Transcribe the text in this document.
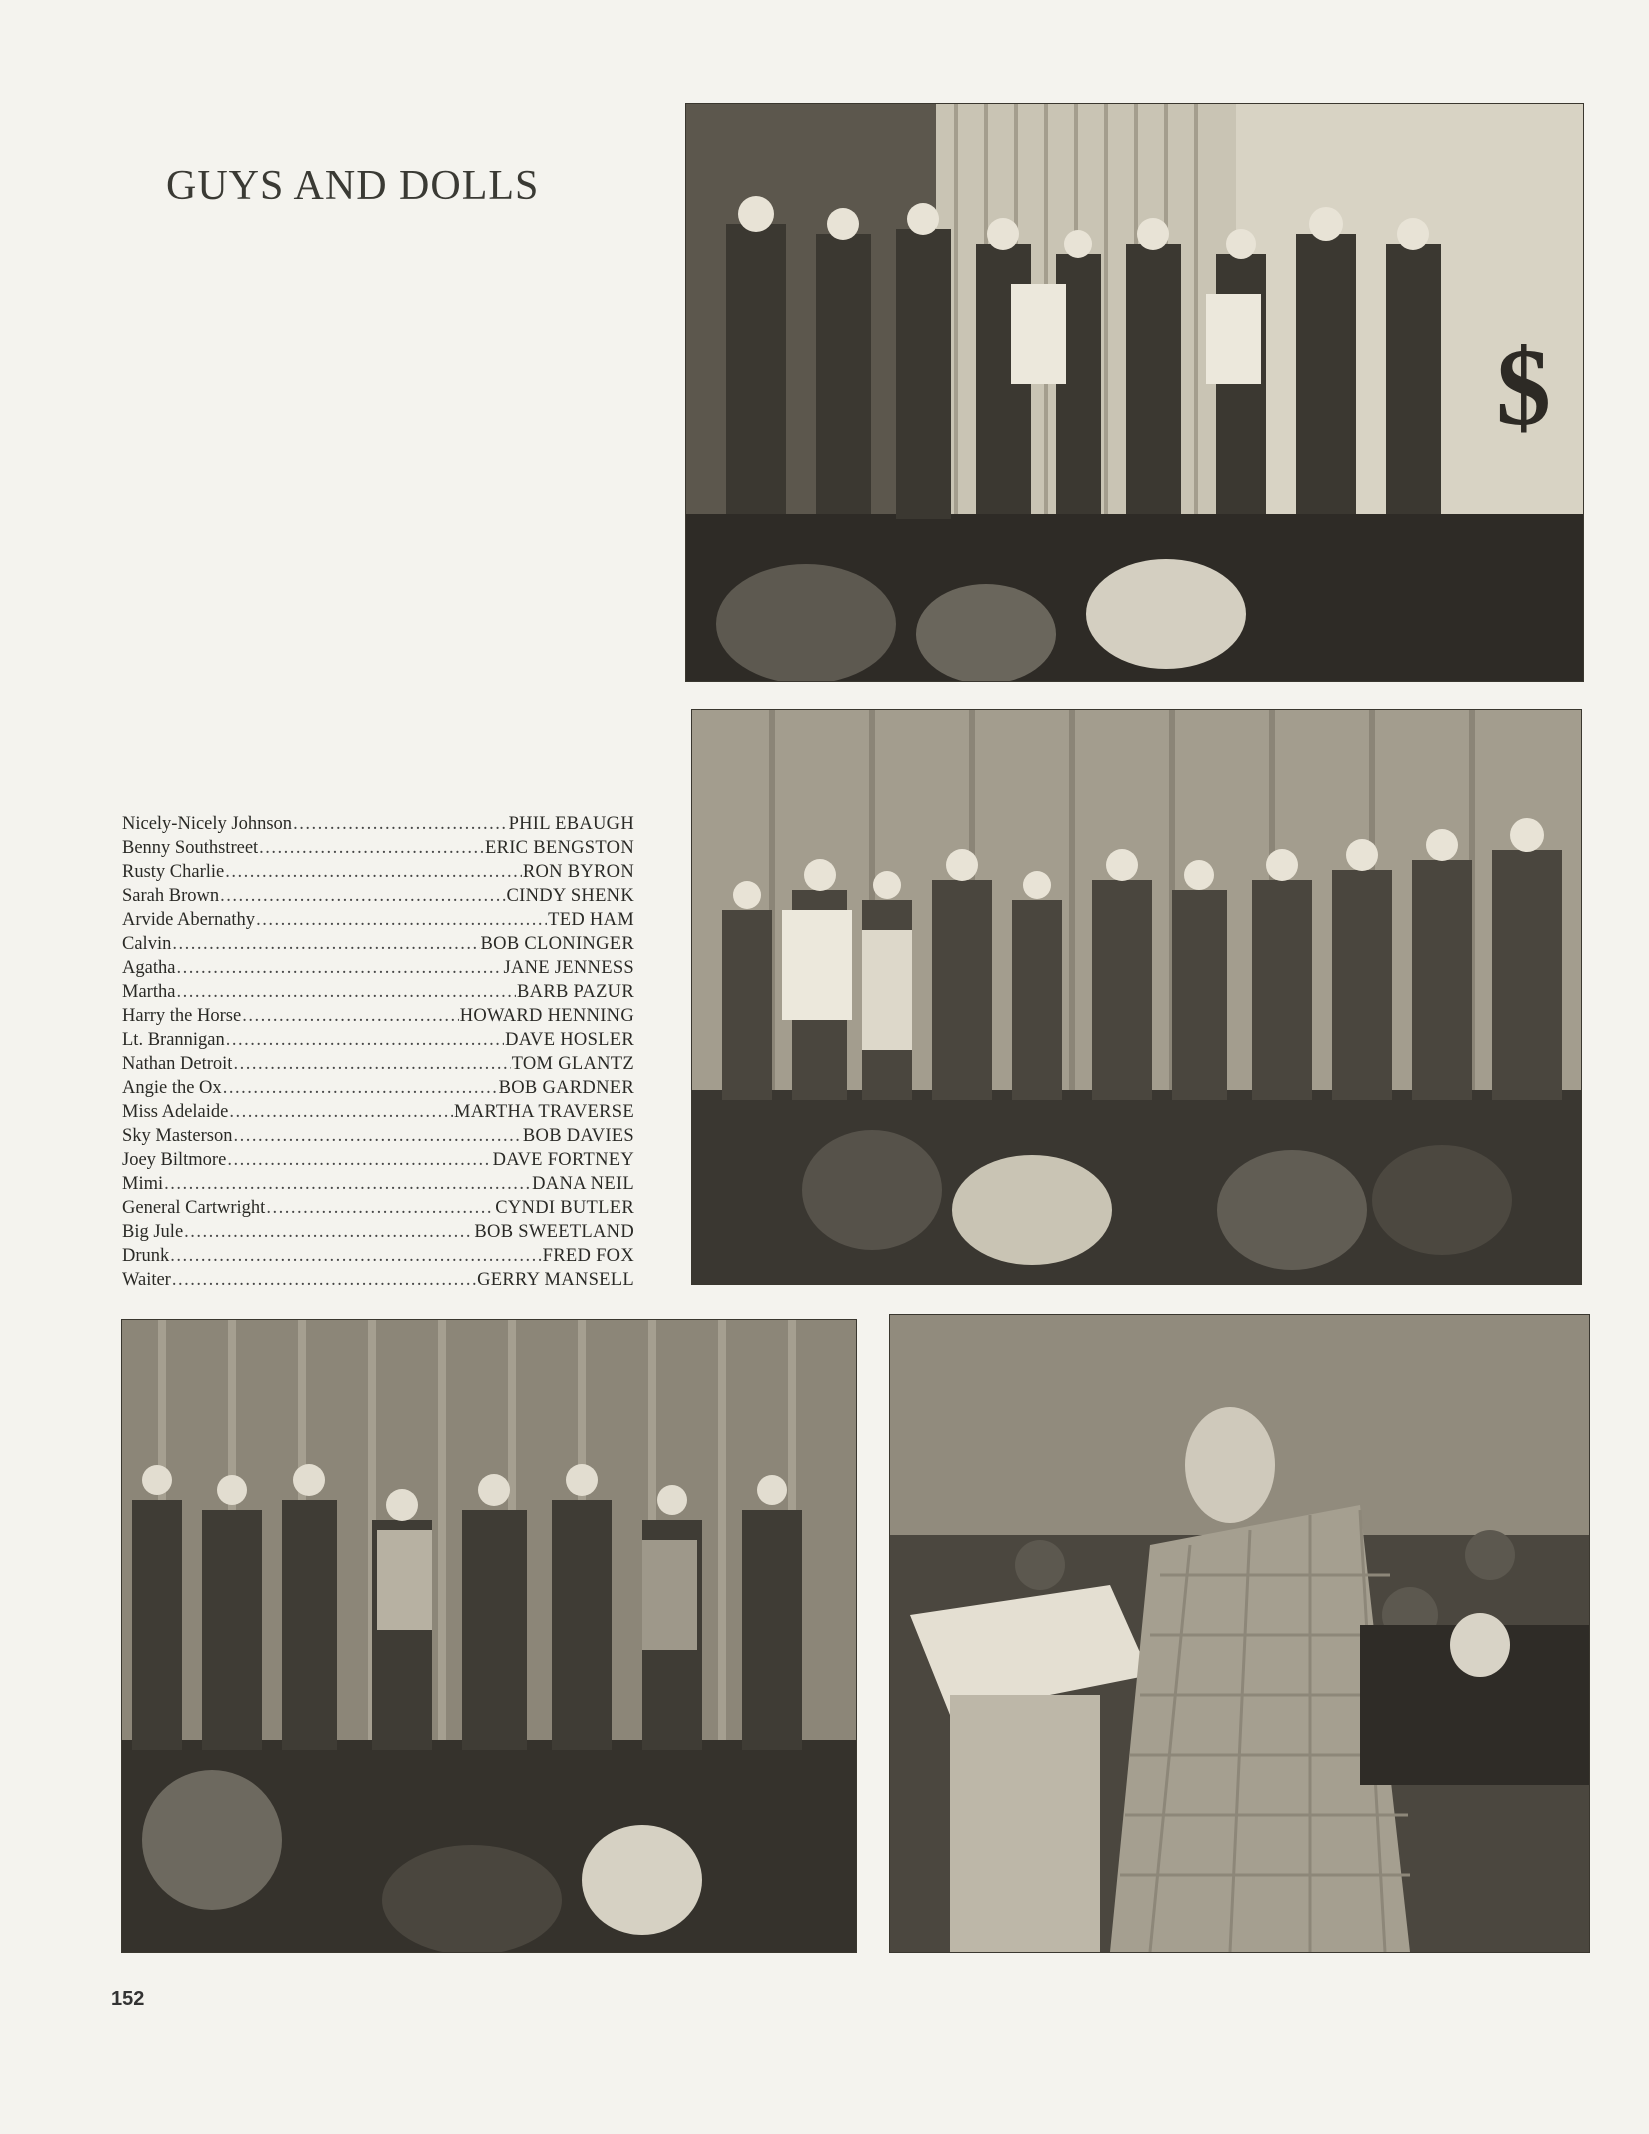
GUYS AND DOLLS
$
Nicely-Nicely Johnson .....	PHIL EBAUGH
Benny Southstreet .....	ERIC BENGSTON
Rusty Charlie .....	RON BYRON
Sarah Brown .....	CINDY SHENK
Arvide Abernathy .....	TED HAM
Calvin .....	BOB CLONINGER
Agatha .....	JANE JENNESS
Martha .....	BARB PAZUR
Harry the Horse .....	HOWARD HENNING
Lt. Brannigan .....	DAVE HOSLER
Nathan Detroit .....	TOM GLANTZ
Angie the Ox .....	BOB GARDNER
Miss Adelaide .....	MARTHA TRAVERSE
Sky Masterson .....	BOB DAVIES
Joey Biltmore .....	DAVE FORTNEY
Mimi .....	DANA NEIL
General Cartwright .....	CYNDI BUTLER
Big Jule .....	BOB SWEETLAND
Drunk .....	FRED FOX
Waiter .....	GERRY MANSELL
152
